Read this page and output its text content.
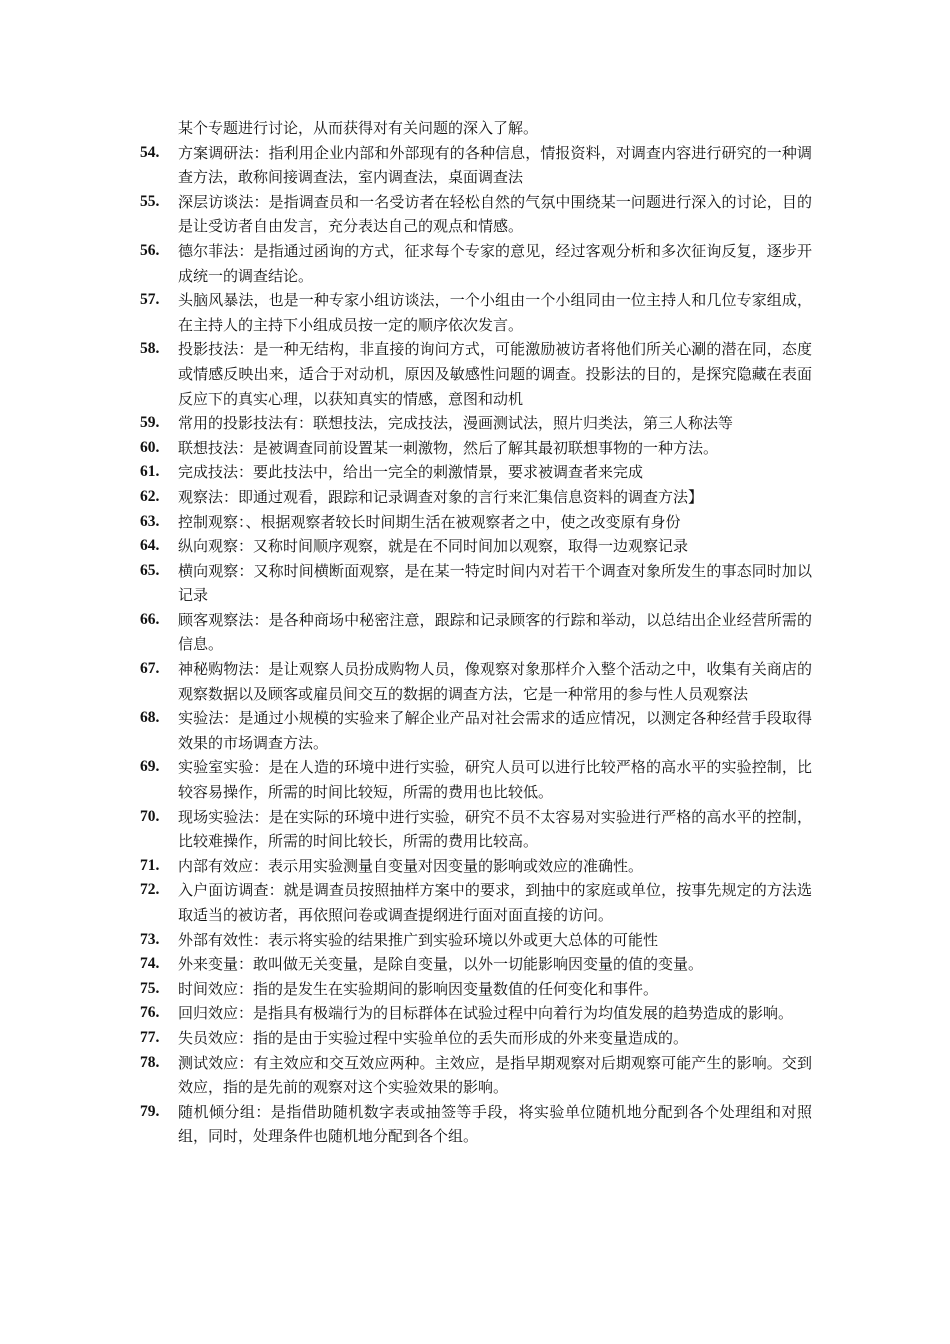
某个专题进行讨论，从而获得对有关问题的深入了解。

54.	方案调研法：指利用企业内部和外部现有的各种信息，情报资料，对调查内容进行研究的一种调查方法，敢称间接调查法，室内调查法，桌面调查法
55.	深层访谈法：是指调查员和一名受访者在轻松自然的气氛中围绕某一问题进行深入的讨论，目的是让受访者自由发言，充分表达自己的观点和情感。
56.	德尔菲法：是指通过函询的方式，征求每个专家的意见，经过客观分析和多次征询反复，逐步开成统一的调查结论。
57.	头脑风暴法，也是一种专家小组访谈法，一个小组由一个小组同由一位主持人和几位专家组成，在主持人的主持下小组成员按一定的顺序依次发言。
58.	投影技法：是一种无结构，非直接的询问方式，可能激励被访者将他们所关心涮的潜在同，态度或情感反映出来，适合于对动机，原因及敏感性问题的调查。投影法的目的，是探究隐藏在表面反应下的真实心理，以获知真实的情感，意图和动机
59.	常用的投影技法有：联想技法，完成技法，漫画测试法，照片归类法，第三人称法等
60.	联想技法：是被调查同前设置某一刺激物，然后了解其最初联想事物的一种方法。
61.	完成技法：要此技法中，给出一完全的刺激情景，要求被调查者来完成
62.	观察法：即通过观看，跟踪和记录调查对象的言行来汇集信息资料的调查方法】
63.	控制观察：、根据观察者较长时间期生活在被观察者之中，使之改变原有身份
64.	纵向观察：又称时间顺序观察，就是在不同时间加以观察，取得一边观察记录
65.	横向观察：又称时间横断面观察，是在某一特定时间内对若干个调查对象所发生的事态同时加以记录
66.	顾客观察法：是各种商场中秘密注意，跟踪和记录顾客的行踪和举动，以总结出企业经营所需的信息。
67.	神秘购物法：是让观察人员扮成购物人员，像观察对象那样介入整个活动之中，收集有关商店的观察数据以及顾客或雇员间交互的数据的调查方法，它是一种常用的参与性人员观察法
68.	实验法：是通过小规模的实验来了解企业产品对社会需求的适应情况，以测定各种经营手段取得效果的市场调查方法。
69.	实验室实验：是在人造的环境中进行实验，研究人员可以进行比较严格的高水平的实验控制，比较容易操作，所需的时间比较短，所需的费用也比较低。
70.	现场实验法：是在实际的环境中进行实验，研究不员不太容易对实验进行严格的高水平的控制，比较难操作，所需的时间比较长，所需的费用比较高。
71.	内部有效应：表示用实验测量自变量对因变量的影响或效应的准确性。
72.	入户面访调查：就是调查员按照抽样方案中的要求，到抽中的家庭或单位，按事先规定的方法选取适当的被访者，再依照问卷或调查提纲进行面对面直接的访问。
73.	外部有效性：表示将实验的结果推广到实验环境以外或更大总体的可能性
74.	外来变量：敢叫做无关变量，是除自变量，以外一切能影响因变量的值的变量。
75.	时间效应：指的是发生在实验期间的影响因变量数值的任何变化和事件。
76.	回归效应：是指具有极端行为的目标群体在试验过程中向着行为均值发展的趋势造成的影响。
77.	失员效应：指的是由于实验过程中实验单位的丢失而形成的外来变量造成的。
78.	测试效应：有主效应和交互效应两种。主效应，是指早期观察对后期观察可能产生的影响。交到效应，指的是先前的观察对这个实验效果的影响。
79.	随机倾分组：是指借助随机数字表或抽签等手段，将实验单位随机地分配到各个处理组和对照组，同时，处理条件也随机地分配到各个组。
